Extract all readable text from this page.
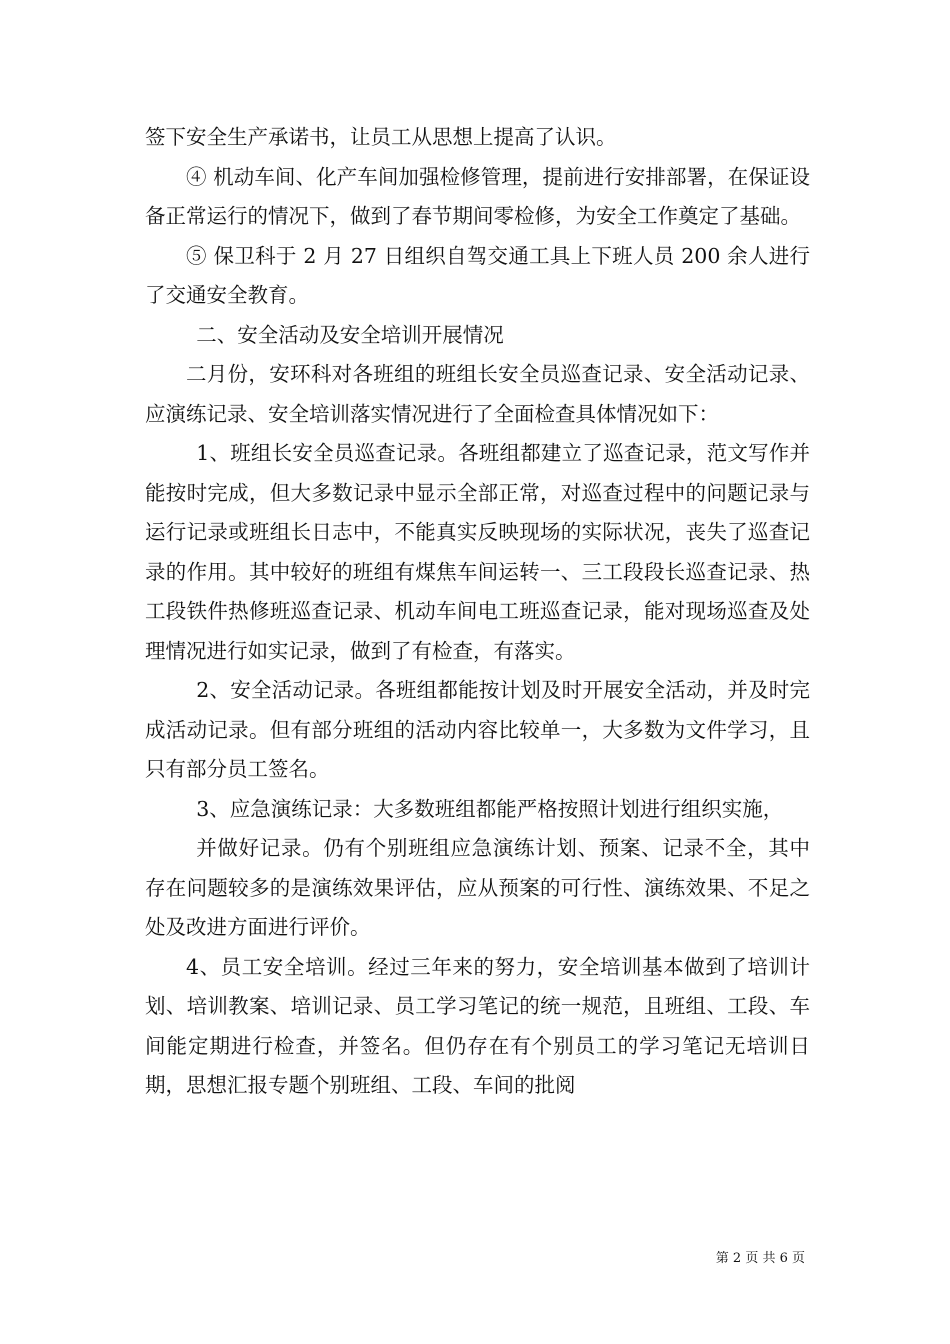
签下安全生产承诺书，让员工从思想上提高了认识。

④ 机动车间、化产车间加强检修管理，提前进行安排部署，在保证设备正常运行的情况下，做到了春节期间零检修，为安全工作奠定了基础。

⑤ 保卫科于 2 月 27 日组织自驾交通工具上下班人员 200 余人进行了交通安全教育。

二、安全活动及安全培训开展情况

二月份，安环科对各班组的班组长安全员巡查记录、安全活动记录、应演练记录、安全培训落实情况进行了全面检查具体情况如下：

1、班组长安全员巡查记录。各班组都建立了巡查记录，范文写作并能按时完成，但大多数记录中显示全部正常，对巡查过程中的问题记录与运行记录或班组长日志中，不能真实反映现场的实际状况，丧失了巡查记录的作用。其中较好的班组有煤焦车间运转一、三工段段长巡查记录、热工段铁件热修班巡查记录、机动车间电工班巡查记录，能对现场巡查及处理情况进行如实记录，做到了有检查，有落实。

2、安全活动记录。各班组都能按计划及时开展安全活动，并及时完成活动记录。但有部分班组的活动内容比较单一，大多数为文件学习，且只有部分员工签名。

3、应急演练记录：大多数班组都能严格按照计划进行组织实施，

并做好记录。仍有个别班组应急演练计划、预案、记录不全，其中存在问题较多的是演练效果评估，应从预案的可行性、演练效果、不足之处及改进方面进行评价。

4、员工安全培训。经过三年来的努力，安全培训基本做到了培训计划、培训教案、培训记录、员工学习笔记的统一规范，且班组、工段、车间能定期进行检查，并签名。但仍存在有个别员工的学习笔记无培训日期，思想汇报专题个别班组、工段、车间的批阅

第 2 页 共 6 页
